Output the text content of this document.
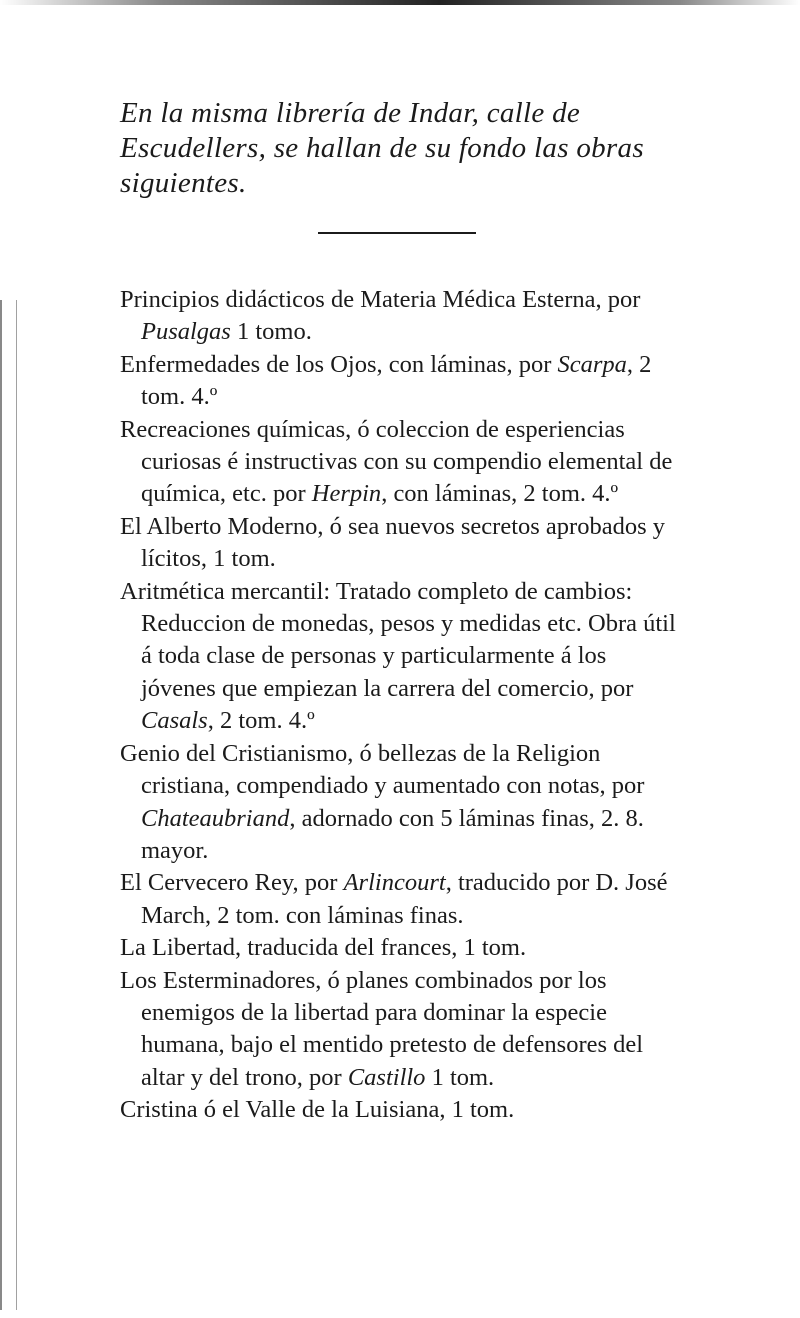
En la misma librería de Indar, calle de Escudellers, se hallan de su fondo las obras siguientes.

Principios didácticos de Materia Médica Esterna, por Pusalgas 1 tomo.

Enfermedades de los Ojos, con láminas, por Scarpa, 2 tom. 4.º

Recreaciones químicas, ó coleccion de esperiencias curiosas é instructivas con su compendio elemental de química, etc. por Herpin, con láminas, 2 tom. 4.º

El Alberto Moderno, ó sea nuevos secretos aprobados y lícitos, 1 tom.

Aritmética mercantil: Tratado completo de cambios: Reduccion de monedas, pesos y medidas etc. Obra útil á toda clase de personas y particularmente á los jóvenes que empiezan la carrera del comercio, por Casals, 2 tom. 4.º

Genio del Cristianismo, ó bellezas de la Religion cristiana, compendiado y aumentado con notas, por Chateaubriand, adornado con 5 láminas finas, 2. 8. mayor.

El Cervecero Rey, por Arlincourt, traducido por D. José March, 2 tom. con láminas finas.

La Libertad, traducida del frances, 1 tom.

Los Esterminadores, ó planes combinados por los enemigos de la libertad para dominar la especie humana, bajo el mentido pretesto de defensores del altar y del trono, por Castillo 1 tom.

Cristina ó el Valle de la Luisiana, 1 tom.
